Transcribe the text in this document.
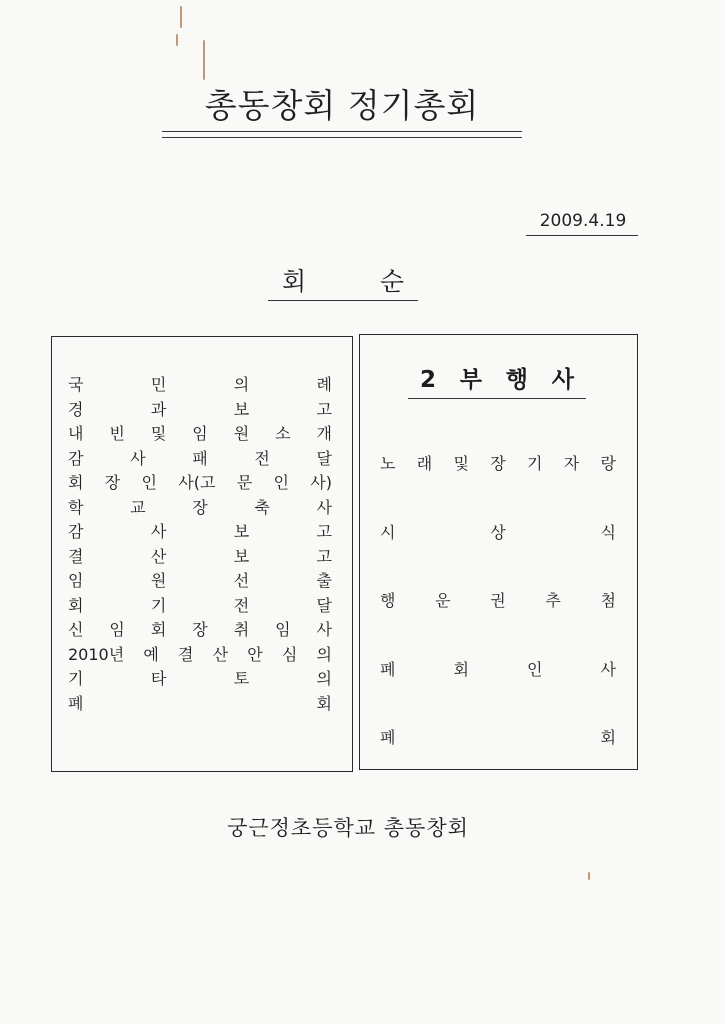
총동창회 정기총회
2009.4.19
회	순
국	민	의	례
경	과	보	고
내 빈 및 임 원 소 개
감	사	패	전	달
회 장 인 사(고 문 인 사)
학	교	장	축	사
감	사	보	고
결	산	보	고
임	원	선	출
회	기	전	달
신 임 회 장 취 임 사
2010년 예 결 산 안 심 의
기	타	토	의
폐	회
2 부 행 사
노 래 및 장 기 자 랑
시	상	식
행 운 권 추 첨
폐	회	인	사
폐	회
궁근정초등학교 총동창회
